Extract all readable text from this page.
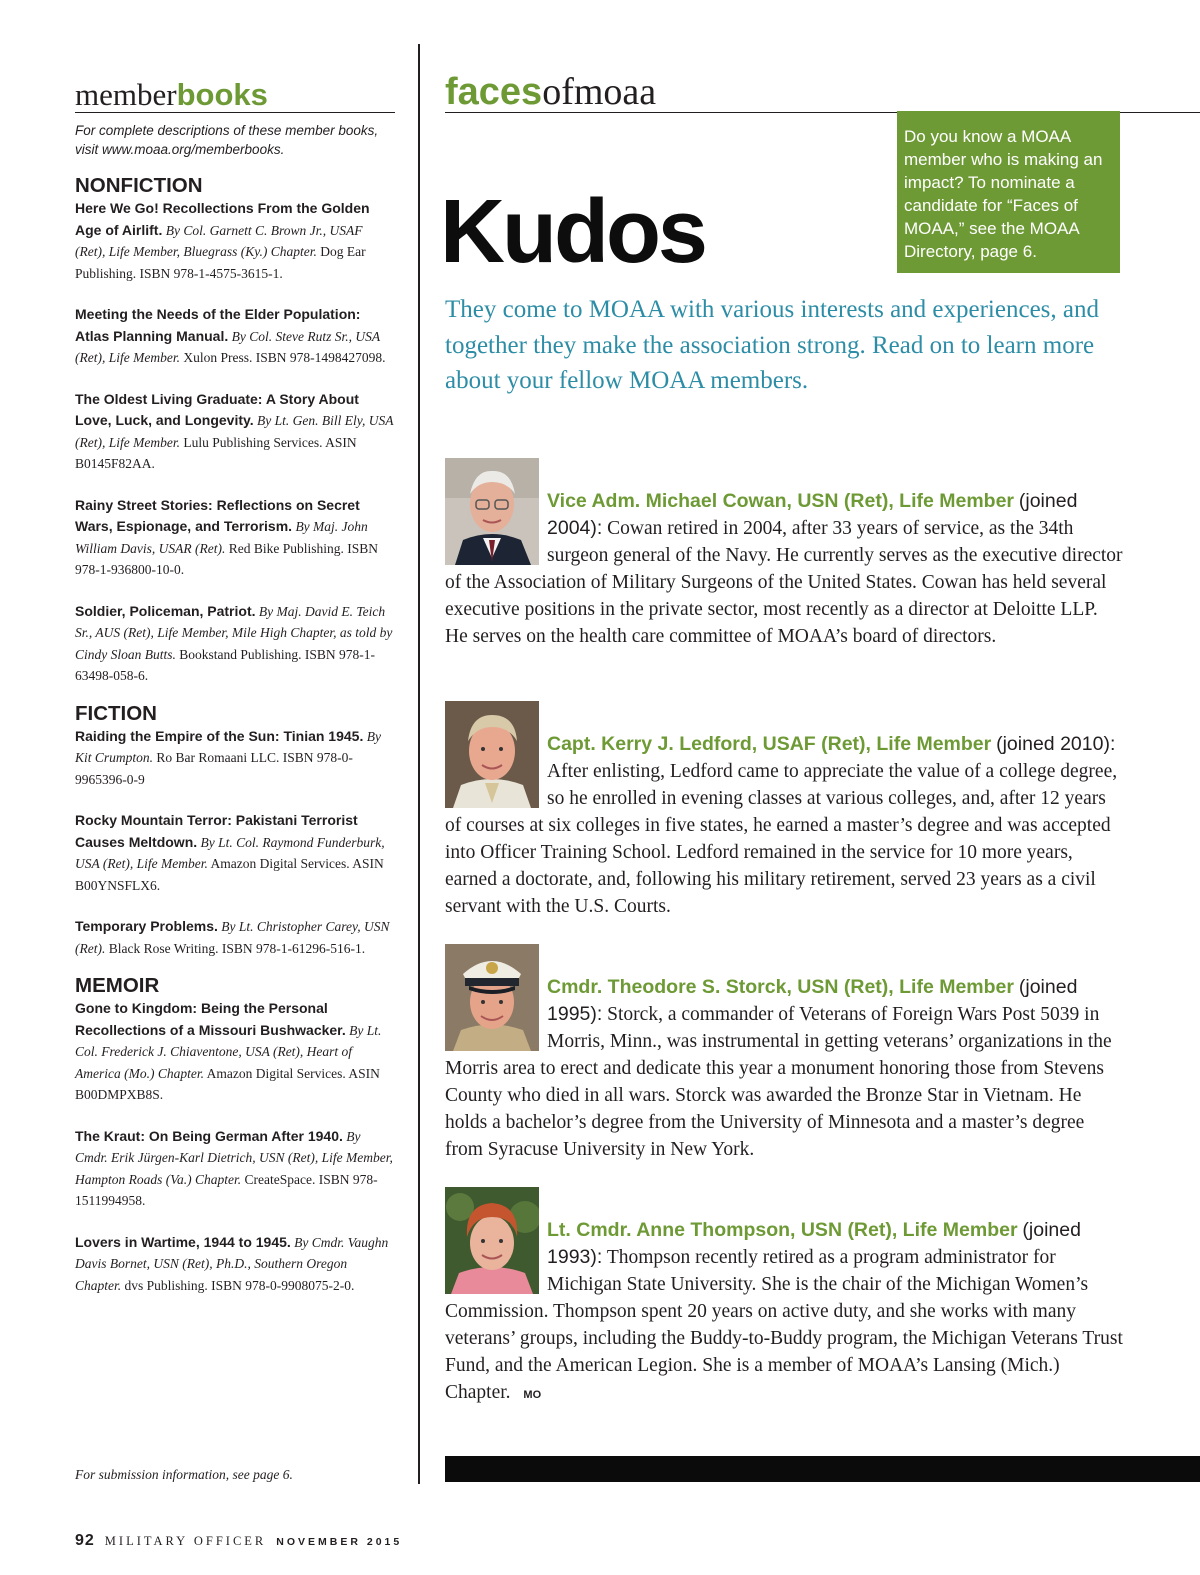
memberbooks
For complete descriptions of these member books, visit www.moaa.org/memberbooks.
NONFICTION
Here We Go! Recollections From the Golden Age of Airlift. By Col. Garnett C. Brown Jr., USAF (Ret), Life Member, Bluegrass (Ky.) Chapter. Dog Ear Publishing. ISBN 978-1-4575-3615-1.
Meeting the Needs of the Elder Population: Atlas Planning Manual. By Col. Steve Rutz Sr., USA (Ret), Life Member. Xulon Press. ISBN 978-1498427098.
The Oldest Living Graduate: A Story About Love, Luck, and Longevity. By Lt. Gen. Bill Ely, USA (Ret), Life Member. Lulu Publishing Services. ASIN B0145F82AA.
Rainy Street Stories: Reflections on Secret Wars, Espionage, and Terrorism. By Maj. John William Davis, USAR (Ret). Red Bike Publishing. ISBN 978-1-936800-10-0.
Soldier, Policeman, Patriot. By Maj. David E. Teich Sr., AUS (Ret), Life Member, Mile High Chapter, as told by Cindy Sloan Butts. Bookstand Publishing. ISBN 978-1-63498-058-6.
FICTION
Raiding the Empire of the Sun: Tinian 1945. By Kit Crumpton. Ro Bar Romaani LLC. ISBN 978-0-9965396-0-9
Rocky Mountain Terror: Pakistani Terrorist Causes Meltdown. By Lt. Col. Raymond Funderburk, USA (Ret), Life Member. Amazon Digital Services. ASIN B00YNSFLX6.
Temporary Problems. By Lt. Christopher Carey, USN (Ret). Black Rose Writing. ISBN 978-1-61296-516-1.
MEMOIR
Gone to Kingdom: Being the Personal Recollections of a Missouri Bushwacker. By Lt. Col. Frederick J. Chiaventone, USA (Ret), Heart of America (Mo.) Chapter. Amazon Digital Services. ASIN B00DMPXB8S.
The Kraut: On Being German After 1940. By Cmdr. Erik Jürgen-Karl Dietrich, USN (Ret), Life Member, Hampton Roads (Va.) Chapter. CreateSpace. ISBN 978-1511994958.
Lovers in Wartime, 1944 to 1945. By Cmdr. Vaughn Davis Bornet, USN (Ret), Ph.D., Southern Oregon Chapter. dvs Publishing. ISBN 978-0-9908075-2-0.
For submission information, see page 6.
92 MILITARY OFFICER NOVEMBER 2015
facesofmoaa
Do you know a MOAA member who is making an impact? To nominate a candidate for “Faces of MOAA,” see the MOAA Directory, page 6.
Kudos
They come to MOAA with various interests and experiences, and together they make the association strong. Read on to learn more about your fellow MOAA members.
Vice Adm. Michael Cowan, USN (Ret), Life Member (joined 2004): Cowan retired in 2004, after 33 years of service, as the 34th surgeon general of the Navy. He currently serves as the executive director of the Association of Military Surgeons of the United States. Cowan has held several executive positions in the private sector, most recently as a director at Deloitte LLP. He serves on the health care committee of MOAA’s board of directors.
Capt. Kerry J. Ledford, USAF (Ret), Life Member (joined 2010): After enlisting, Ledford came to appreciate the value of a college degree, so he enrolled in evening classes at various colleges, and, after 12 years of courses at six colleges in five states, he earned a master’s degree and was accepted into Officer Training School. Ledford remained in the service for 10 more years, earned a doctorate, and, following his military retirement, served 23 years as a civil servant with the U.S. Courts.
Cmdr. Theodore S. Storck, USN (Ret), Life Member (joined 1995): Storck, a commander of Veterans of Foreign Wars Post 5039 in Morris, Minn., was instrumental in getting veterans’ organizations in the Morris area to erect and dedicate this year a monument honoring those from Stevens County who died in all wars. Storck was awarded the Bronze Star in Vietnam. He holds a bachelor’s degree from the University of Minnesota and a master’s degree from Syracuse University in New York.
Lt. Cmdr. Anne Thompson, USN (Ret), Life Member (joined 1993): Thompson recently retired as a program administrator for Michigan State University. She is the chair of the Michigan Women’s Commission. Thompson spent 20 years on active duty, and she works with many veterans’ groups, including the Buddy-to-Buddy program, the Michigan Veterans Trust Fund, and the American Legion. She is a member of MOAA’s Lansing (Mich.) Chapter. MO
